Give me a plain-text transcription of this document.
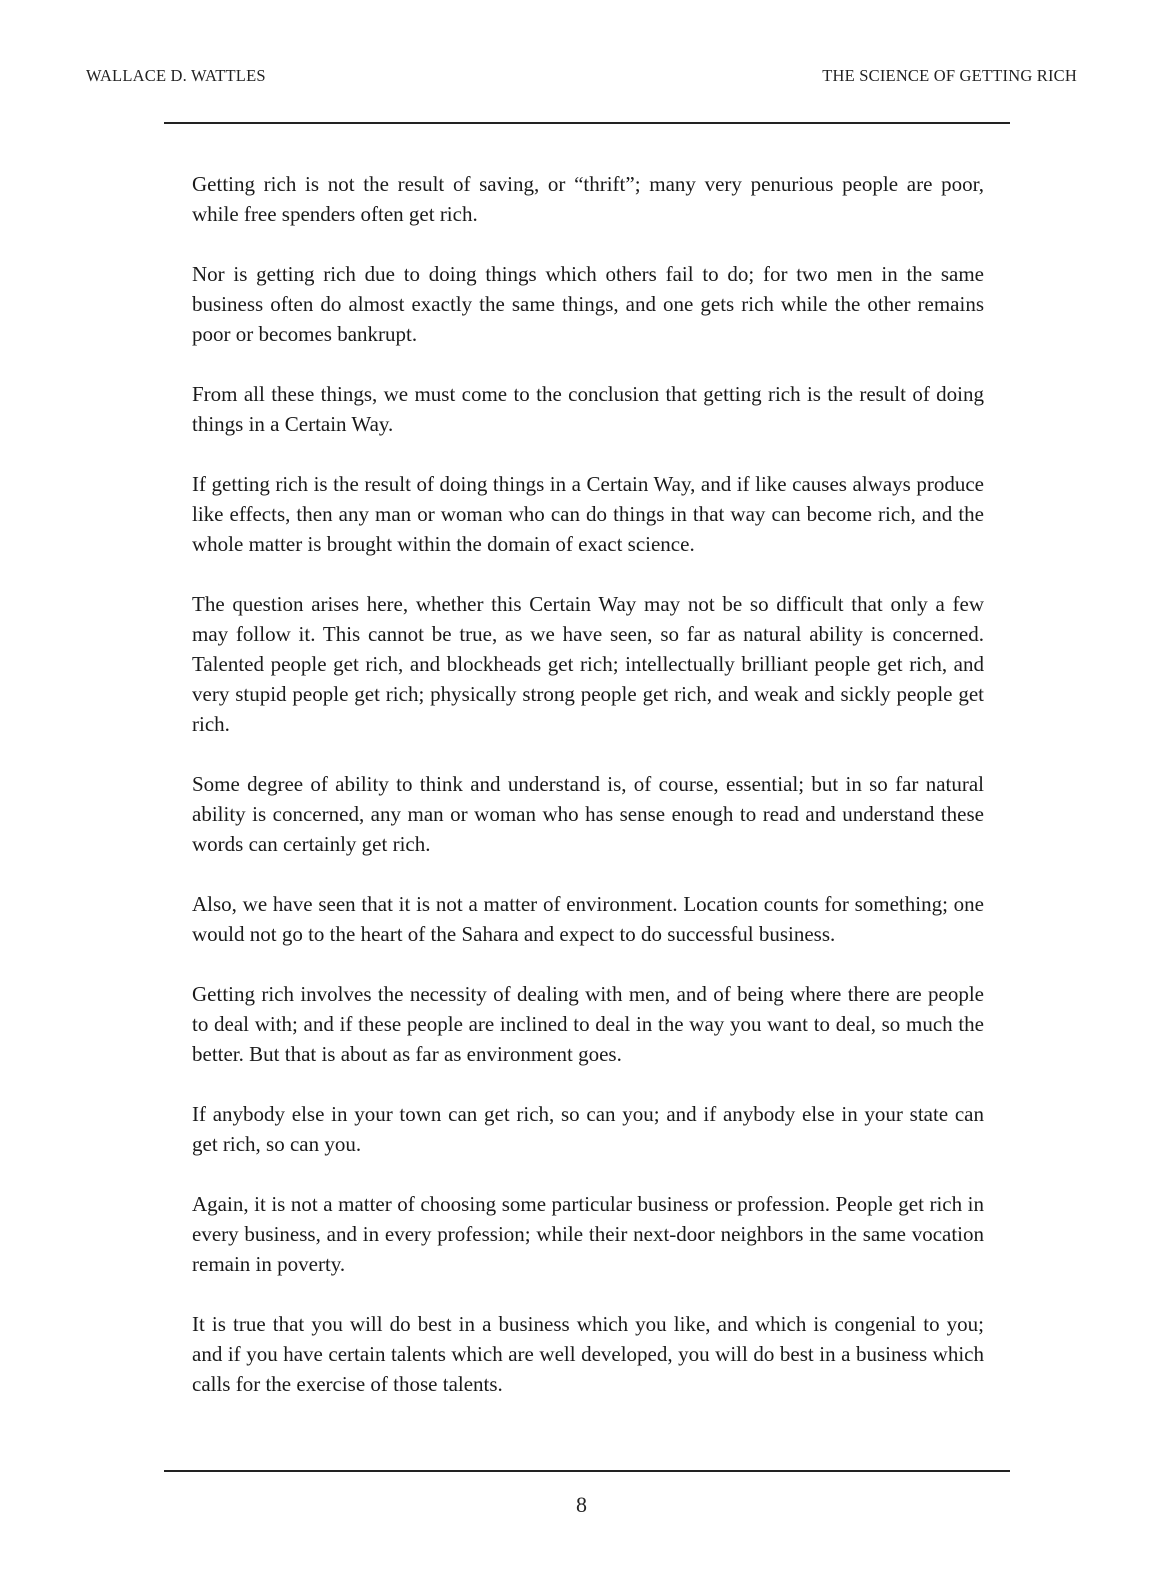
WALLACE D. WATTLES	THE SCIENCE OF GETTING RICH

Getting rich is not the result of saving, or “thrift”; many very penurious people are poor, while free spenders often get rich.

Nor is getting rich due to doing things which others fail to do; for two men in the same business often do almost exactly the same things, and one gets rich while the other remains poor or becomes bankrupt.

From all these things, we must come to the conclusion that getting rich is the result of doing things in a Certain Way.

If getting rich is the result of doing things in a Certain Way, and if like causes always produce like effects, then any man or woman who can do things in that way can become rich, and the whole matter is brought within the domain of exact science.

The question arises here, whether this Certain Way may not be so difficult that only a few may follow it. This cannot be true, as we have seen, so far as natural ability is concerned. Talented people get rich, and blockheads get rich; intellectually brilliant people get rich, and very stupid people get rich; physically strong people get rich, and weak and sickly people get rich.

Some degree of ability to think and understand is, of course, essential; but in so far natural ability is concerned, any man or woman who has sense enough to read and understand these words can certainly get rich.

Also, we have seen that it is not a matter of environment. Location counts for something; one would not go to the heart of the Sahara and expect to do successful business.

Getting rich involves the necessity of dealing with men, and of being where there are people to deal with; and if these people are inclined to deal in the way you want to deal, so much the better. But that is about as far as environment goes.

If anybody else in your town can get rich, so can you; and if anybody else in your state can get rich, so can you.

Again, it is not a matter of choosing some particular business or profession. People get rich in every business, and in every profession; while their next-door neighbors in the same vocation remain in poverty.

It is true that you will do best in a business which you like, and which is congenial to you; and if you have certain talents which are well developed, you will do best in a business which calls for the exercise of those talents.

8
